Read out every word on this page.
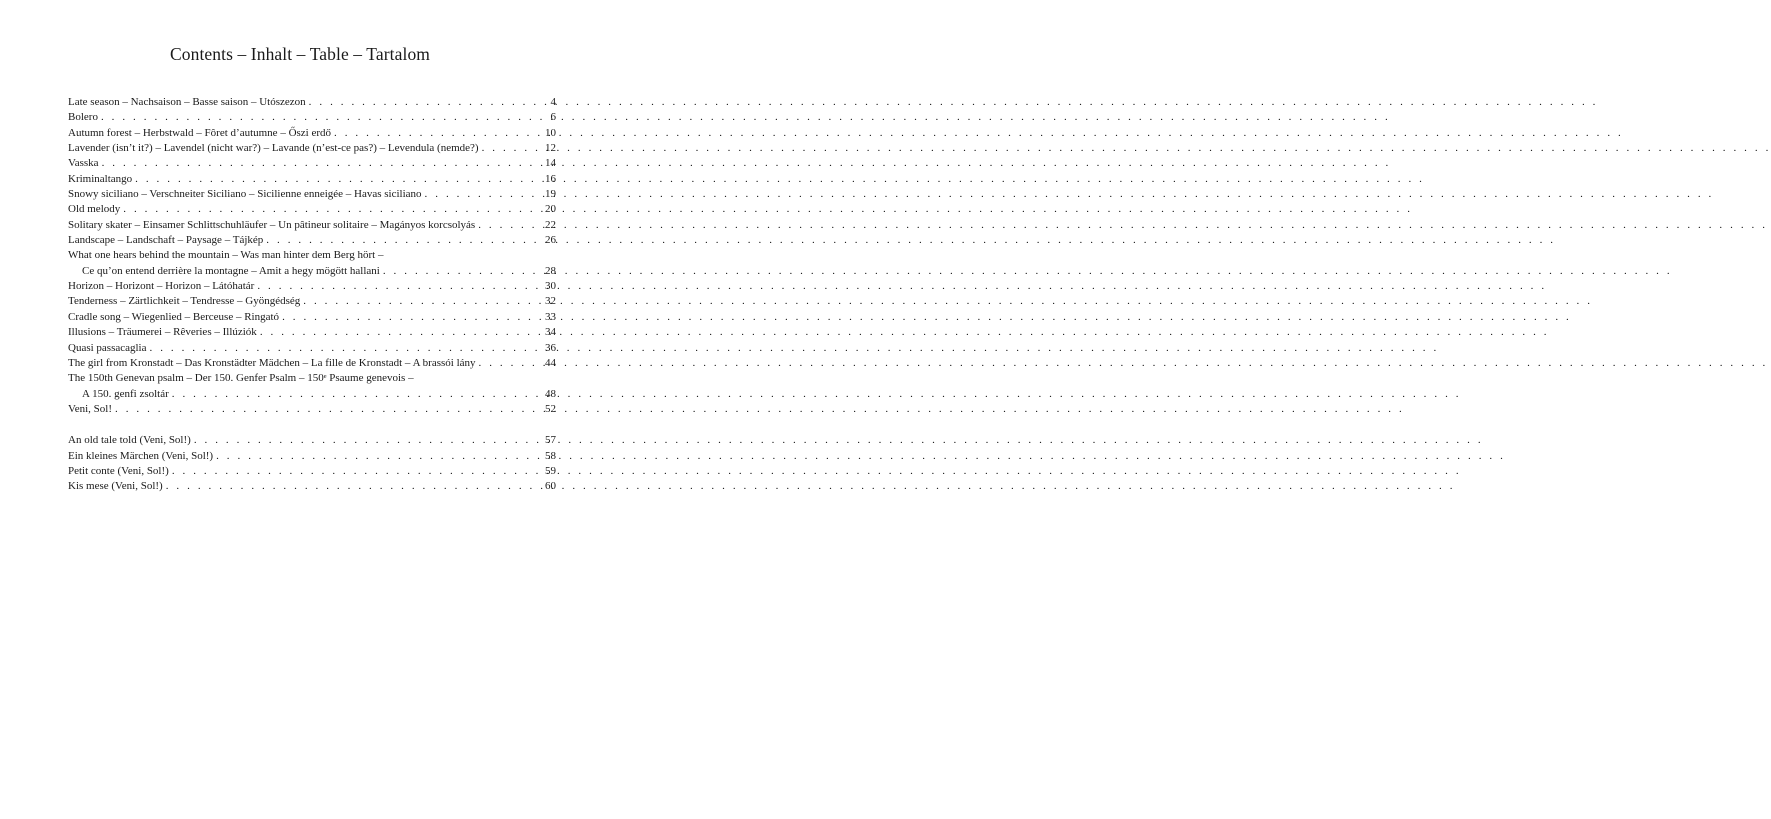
Contents – Inhalt – Table – Tartalom
Late season – Nachsaison – Basse saison – Utószezon . . .	4
Bolero . . .	6
Autumn forest – Herbstwald – Fôret d’autumne – Őszi erdő . . .	10
Lavender (isn’t it?) – Lavendel (nicht war?) – Lavande (n’est-ce pas?) – Levendula (nemde?) . . .	12
Vasska . . .	14
Kriminaltango . . .	16
Snowy siciliano – Verschneiter Siciliano – Sicilienne enneigée – Havas siciliano . . .	19
Old melody . . .	20
Solitary skater – Einsamer Schlittschuhläufer – Un pâtineur solitaire – Magányos korcsolyás . . .	22
Landscape – Landschaft – Paysage – Tájkép . . .	26
What one hears behind the mountain – Was man hinter dem Berg hört –
Ce qu’on entend derrière la montagne – Amit a hegy mögött hallani . . .	28
Horizon – Horizont – Horizon – Látóhatár . . .	30
Tenderness – Zärtlichkeit – Tendresse – Gyöngédség . . .	32
Cradle song – Wiegenlied – Berceuse – Ringató . . .	33
Illusions – Träumerei – Rêveries – Illúziók . . .	34
Quasi passacaglia . . .	36
The girl from Kronstadt – Das Kronstädter Mädchen – La fille de Kronstadt – A brassói lány . . .	44
The 150th Genevan psalm – Der 150. Genfer Psalm – 150ᵉ Psaume genevois –
A 150. genfi zsoltár . . .	48
Veni, Sol! . . .	52
An old tale told (Veni, Sol!) . . .	57
Ein kleines Märchen (Veni, Sol!) . . .	58
Petit conte (Veni, Sol!) . . .	59
Kis mese (Veni, Sol!) . . .	60
